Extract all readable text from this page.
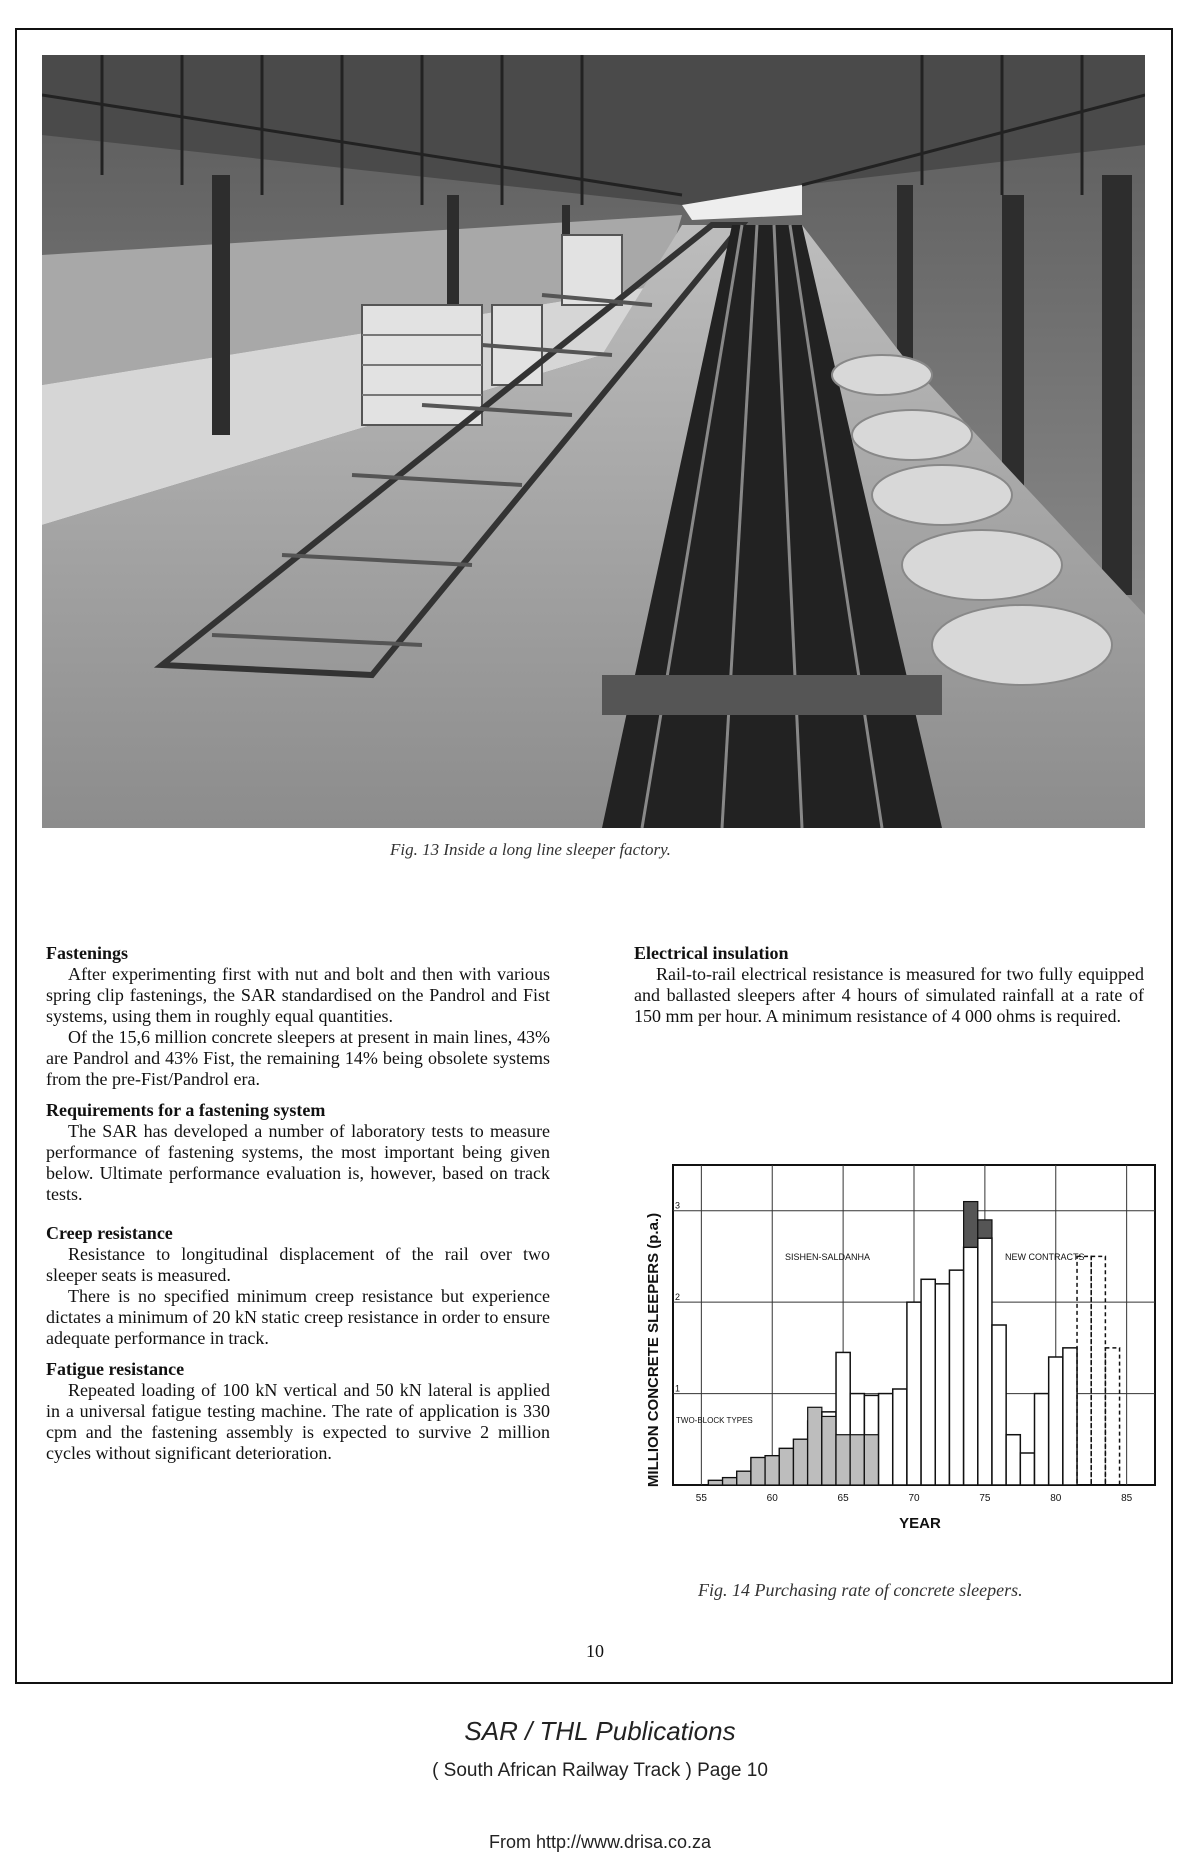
Fig. 13 Inside a long line sleeper factory.
Fastenings

After experimenting first with nut and bolt and then with various spring clip fastenings, the SAR standardised on the Pandrol and Fist systems, using them in roughly equal quantities.

Of the 15,6 million concrete sleepers at present in main lines, 43% are Pandrol and 43% Fist, the remaining 14% being obsolete systems from the pre-Fist/Pandrol era.

Requirements for a fastening system

The SAR has developed a number of laboratory tests to measure performance of fastening systems, the most important being given below. Ultimate performance evaluation is, however, based on track tests.

Creep resistance

Resistance to longitudinal displacement of the rail over two sleeper seats is measured.

There is no specified minimum creep resistance but experience dictates a minimum of 20 kN static creep resistance in order to ensure adequate performance in track.

Fatigue resistance

Repeated loading of 100 kN vertical and 50 kN lateral is applied in a universal fatigue testing machine. The rate of application is 330 cpm and the fastening assembly is expected to survive 2 million cycles without significant deterioration.

Electrical insulation

Rail-to-rail electrical resistance is measured for two fully equipped and ballasted sleepers after 4 hours of simulated rainfall at a rate of 150 mm per hour. A minimum resistance of 4 000 ohms is required.

MILLION CONCRETE SLEEPERS (p.a.)
55	60	65	70	75	80	85
1
2
3
YEAR
SISHEN-SALDANHA	NEW CONTRACTS
TWO-BLOCK TYPES
Fig. 14 Purchasing rate of concrete sleepers.
10
SAR / THL Publications
( South African Railway Track ) Page 10
From http://www.drisa.co.za
